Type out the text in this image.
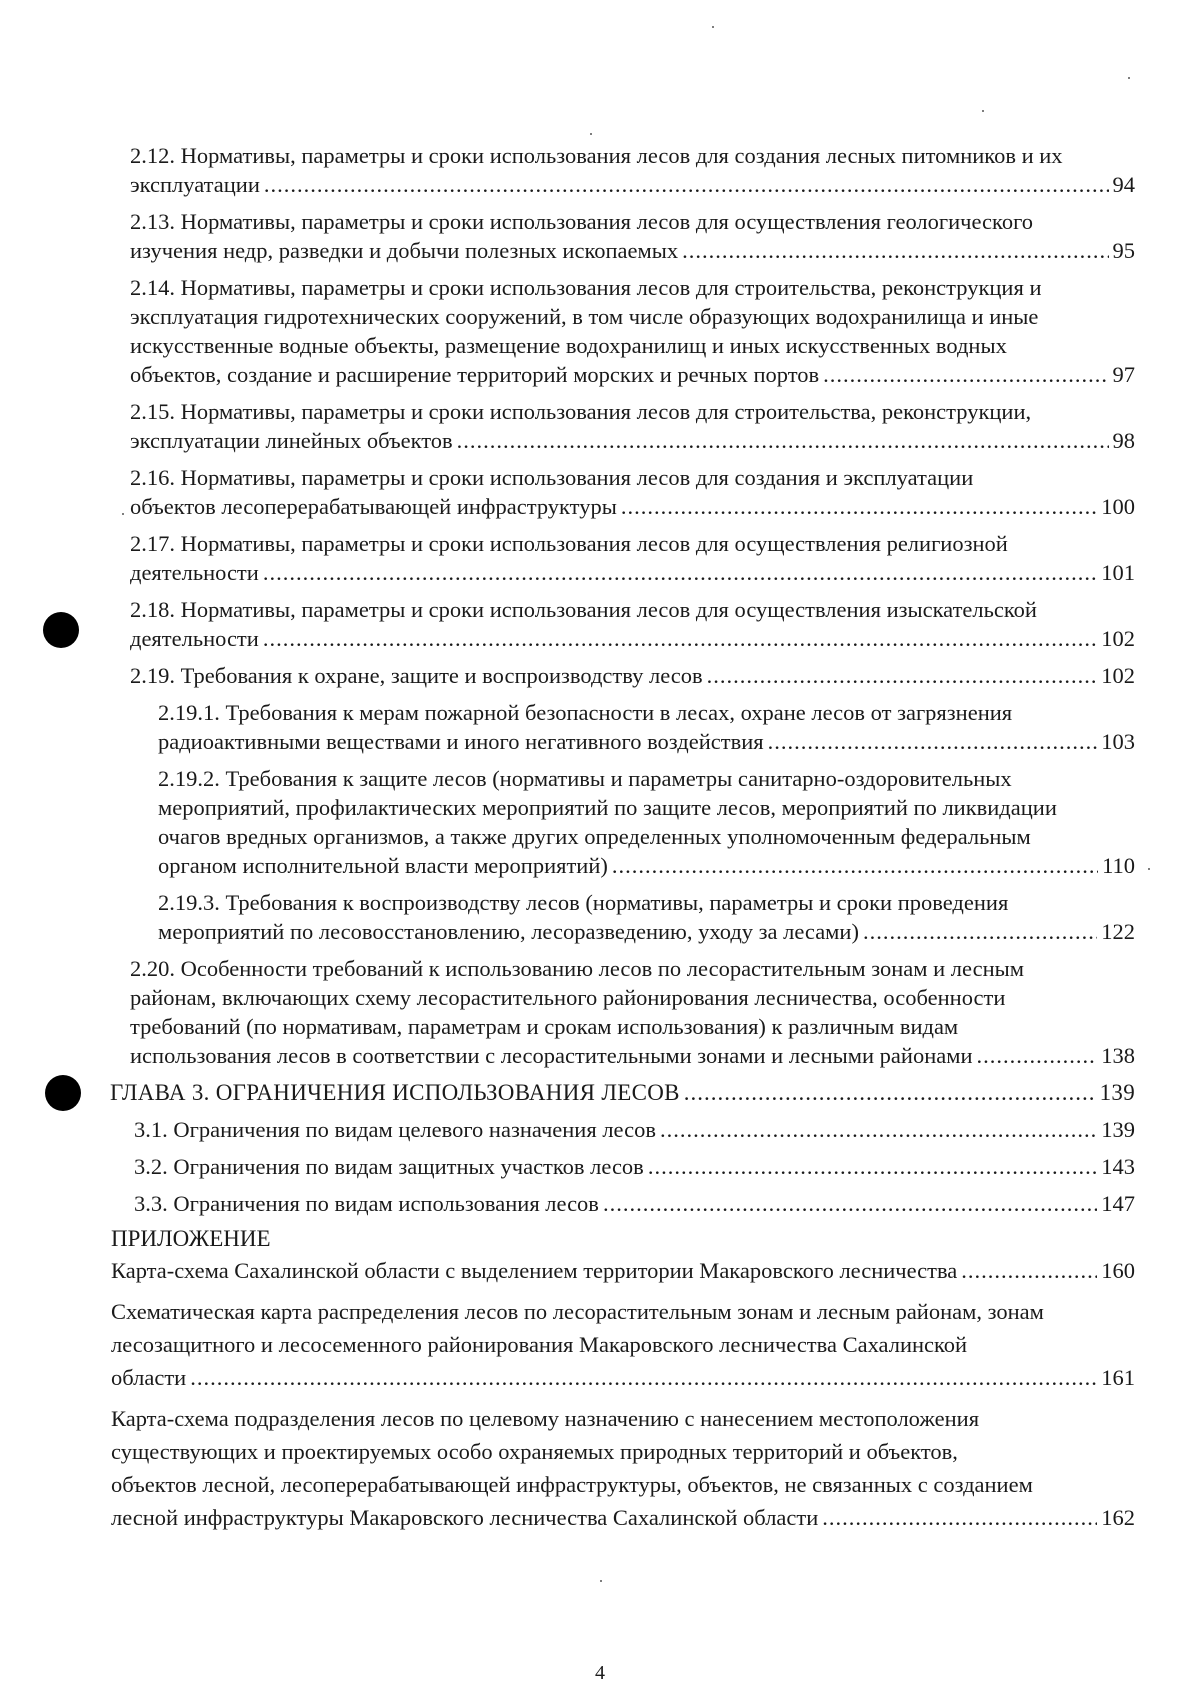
2.12. Нормативы, параметры и сроки использования лесов для создания лесных питомников и их
эксплуатации .....	94
2.13. Нормативы, параметры и сроки использования лесов для осуществления геологического
изучения недр, разведки и добычи полезных ископаемых .....	95
2.14. Нормативы, параметры и сроки использования лесов для строительства, реконструкция и
эксплуатация гидротехнических сооружений, в том числе образующих водохранилища и иные
искусственные водные объекты, размещение водохранилищ и иных искусственных водных
объектов, создание и расширение территорий морских и речных портов .....	97
2.15. Нормативы, параметры и сроки использования лесов для строительства, реконструкции,
эксплуатации линейных объектов .....	98
2.16. Нормативы, параметры и сроки использования лесов для создания и эксплуатации
объектов лесоперерабатывающей инфраструктуры .....	100
2.17. Нормативы, параметры и сроки использования лесов для осуществления религиозной
деятельности .....	101
2.18. Нормативы, параметры и сроки использования лесов для осуществления изыскательской
деятельности .....	102
2.19. Требования к охране, защите и воспроизводству лесов .....	102
2.19.1. Требования к мерам пожарной безопасности в лесах, охране лесов от загрязнения
радиоактивными веществами и иного негативного воздействия .....	103
2.19.2. Требования к защите лесов (нормативы и параметры санитарно-оздоровительных
мероприятий, профилактических мероприятий по защите лесов, мероприятий по ликвидации
очагов вредных организмов, а также других определенных уполномоченным федеральным
органом исполнительной власти мероприятий) .....	110
2.19.3. Требования к воспроизводству лесов (нормативы, параметры и сроки проведения
мероприятий по лесовосстановлению, лесоразведению, уходу за лесами) .....	122
2.20. Особенности требований к использованию лесов по лесорастительным зонам и лесным
районам, включающих схему лесорастительного районирования лесничества, особенности
требований (по нормативам, параметрам и срокам использования) к различным видам
использования лесов в соответствии с лесорастительными зонами и лесными районами .....	138
ГЛАВА 3. ОГРАНИЧЕНИЯ ИСПОЛЬЗОВАНИЯ ЛЕСОВ .....	139
3.1. Ограничения по видам целевого назначения лесов .....	139
3.2. Ограничения по видам защитных участков лесов .....	143
3.3. Ограничения по видам использования лесов .....	147
ПРИЛОЖЕНИЕ
Карта-схема Сахалинской области с выделением территории Макаровского лесничества .....	160
Схематическая карта распределения лесов по лесорастительным зонам и лесным районам, зонам
лесозащитного и лесосеменного районирования Макаровского лесничества Сахалинской
области .....	161
Карта-схема подразделения лесов по целевому назначению с нанесением местоположения
существующих и проектируемых особо охраняемых природных территорий и объектов,
объектов лесной, лесоперерабатывающей инфраструктуры, объектов, не связанных с созданием
лесной инфраструктуры Макаровского лесничества Сахалинской области .....	162
4
